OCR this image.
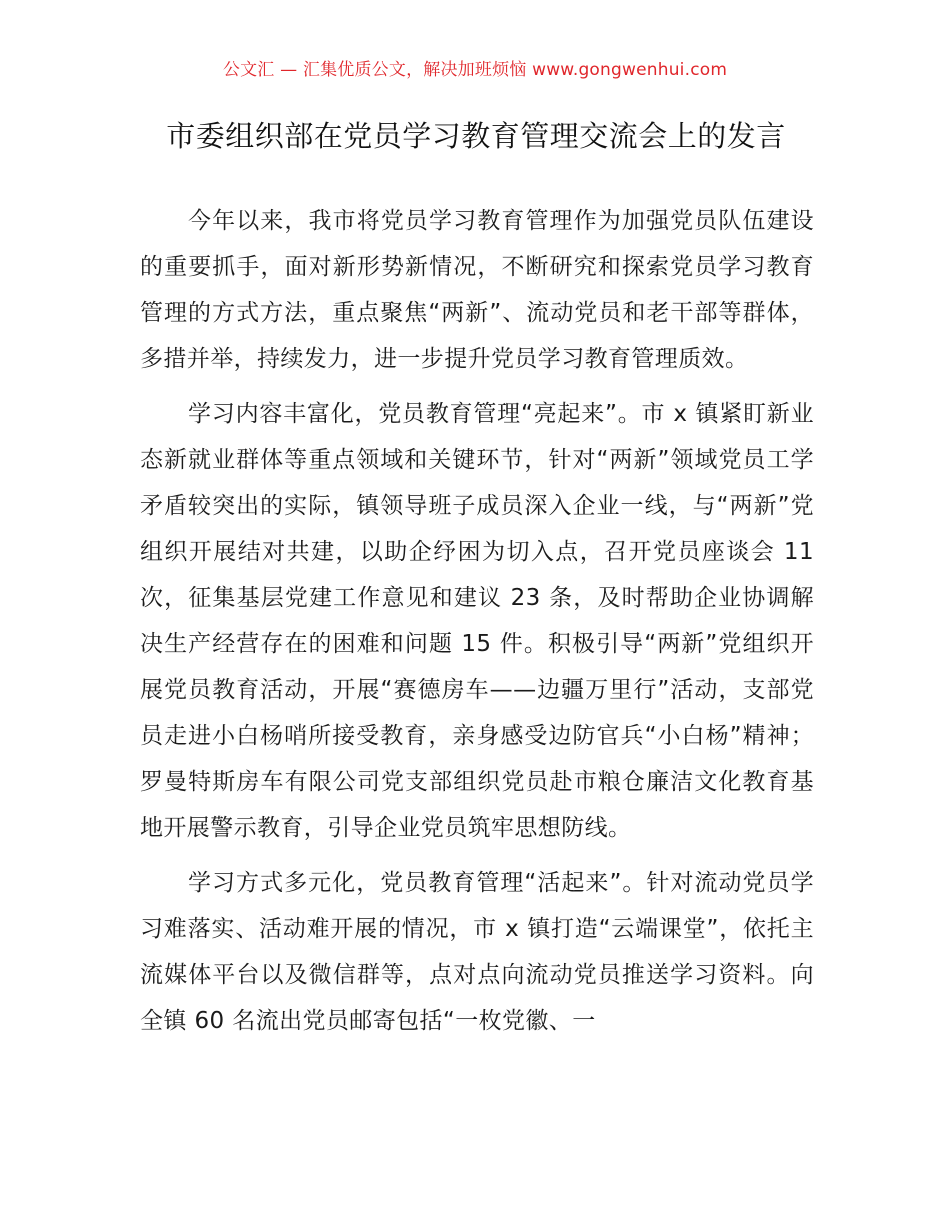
公文汇 — 汇集优质公文，解决加班烦恼 www.gongwenhui.com
市委组织部在党员学习教育管理交流会上的发言

今年以来，我市将党员学习教育管理作为加强党员队伍建设的重要抓手，面对新形势新情况，不断研究和探索党员学习教育管理的方式方法，重点聚焦“两新”、流动党员和老干部等群体，多措并举，持续发力，进一步提升党员学习教育管理质效。

学习内容丰富化，党员教育管理“亮起来”。市 x 镇紧盯新业态新就业群体等重点领域和关键环节，针对“两新”领域党员工学矛盾较突出的实际，镇领导班子成员深入企业一线，与“两新”党组织开展结对共建，以助企纾困为切入点，召开党员座谈会 11 次，征集基层党建工作意见和建议 23 条，及时帮助企业协调解决生产经营存在的困难和问题 15 件。积极引导“两新”党组织开展党员教育活动，开展“赛德房车——边疆万里行”活动，支部党员走进小白杨哨所接受教育，亲身感受边防官兵“小白杨”精神；罗曼特斯房车有限公司党支部组织党员赴市粮仓廉洁文化教育基地开展警示教育，引导企业党员筑牢思想防线。

学习方式多元化，党员教育管理“活起来”。针对流动党员学习难落实、活动难开展的情况，市 x 镇打造“云端课堂”，依托主流媒体平台以及微信群等，点对点向流动党员推送学习资料。向全镇 60 名流出党员邮寄包括“一枚党徽、一
